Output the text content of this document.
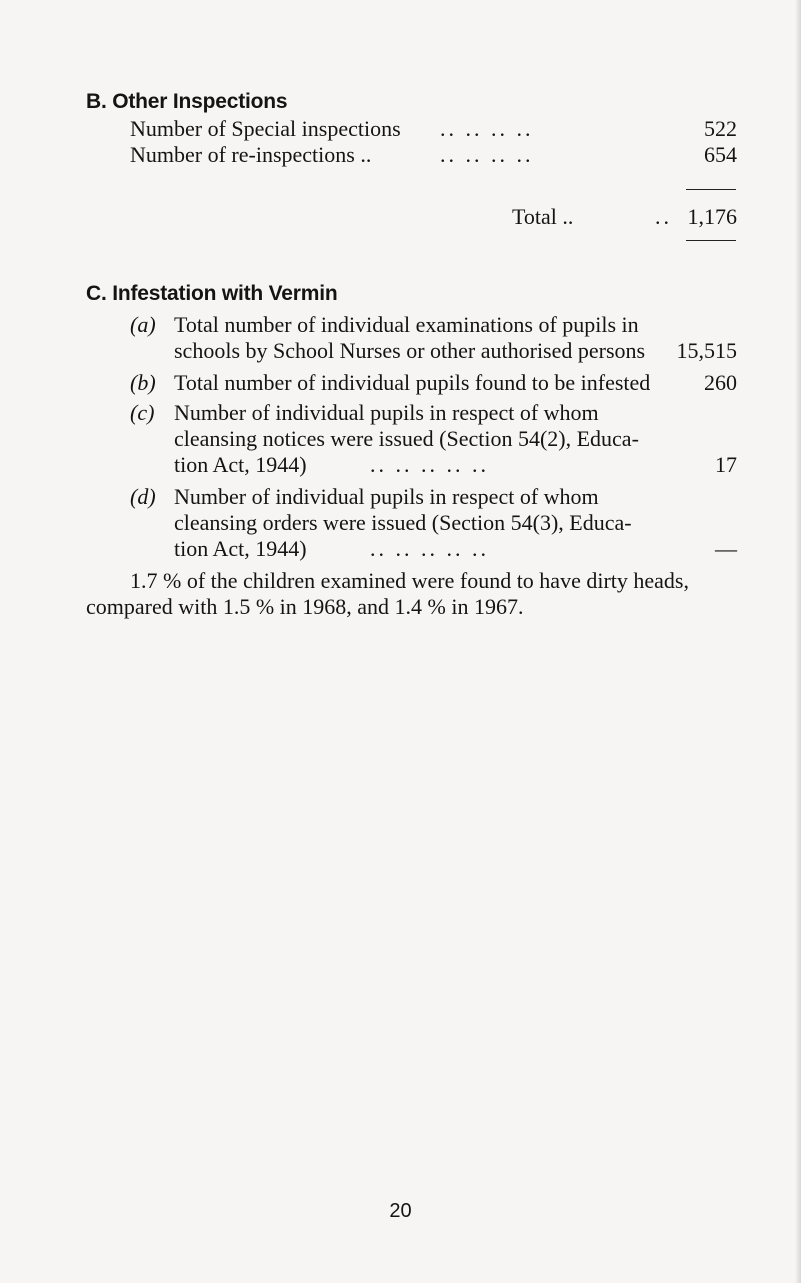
B. Other Inspections
Number of Special inspections .. .. .. ..	522
Number of re-inspections ..	.. .. .. ..	654
Total ..	.. 1,176
C. Infestation with Vermin
(a) Total number of individual examinations of pupils in
schools by School Nurses or other authorised persons 15,515
(b) Total number of individual pupils found to be infested 260
(c) Number of individual pupils in respect of whom
cleansing notices were issued (Section 54(2), Educa-
tion Act, 1944)	.. .. .. .. ..	17
(d) Number of individual pupils in respect of whom
cleansing orders were issued (Section 54(3), Educa-
tion Act, 1944)	.. .. .. .. ..	—
1.7 % of the children examined were found to have dirty heads,
compared with 1.5 % in 1968, and 1.4 % in 1967.
20
